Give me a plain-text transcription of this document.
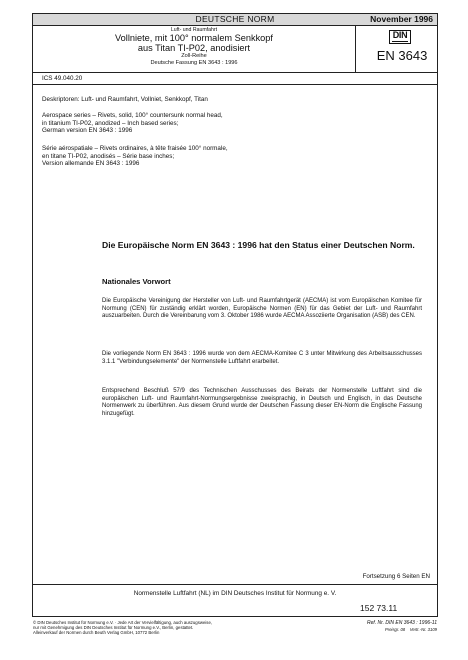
DEUTSCHE NORM	November 1996
Luft- und Raumfahrt
Vollniete, mit 100° normalem Senkkopf
aus Titan TI-P02, anodisiert
Zoll-Reihe
Deutsche Fassung EN 3643 : 1996
DIN
EN 3643
ICS 49.040.20
Deskriptoren: Luft- und Raumfahrt, Vollniet, Senkkopf, Titan
Aerospace series – Rivets, solid, 100° countersunk normal head,
in titanium TI-P02, anodized – Inch based series;
German version EN 3643 : 1996
Série aérospatiale – Rivets ordinaires, à tête fraisée 100° normale,
en titane TI-P02, anodisés – Série base inches;
Version allemande EN 3643 : 1996
Die Europäische Norm EN 3643 : 1996 hat den Status einer Deutschen Norm.
Nationales Vorwort
Die Europäische Vereinigung der Hersteller von Luft- und Raumfahrtgerät (AECMA) ist vom Europäischen Komitee für Normung (CEN) für zuständig erklärt worden, Europäische Normen (EN) für das Gebiet der Luft- und Raumfahrt auszuarbeiten. Durch die Vereinbarung vom 3. Oktober 1986 wurde AECMA Assoziierte Organisation (ASB) des CEN.
Die vorliegende Norm EN 3643 : 1996 wurde von dem AECMA-Komitee C 3 unter Mitwirkung des Arbeitsausschusses 3.1.1 "Verbindungselemente" der Normenstelle Luftfahrt erarbeitet.
Entsprechend Beschluß 57/9 des Technischen Ausschusses des Beirats der Normenstelle Luftfahrt sind die europäischen Luft- und Raumfahrt-Normungsergebnisse zweisprachig, in Deutsch und Englisch, in das Deutsche Normenwerk zu überführen. Aus diesem Grund wurde der Deutschen Fassung dieser EN-Norm die Englische Fassung hinzugefügt.
Fortsetzung 6 Seiten EN
Normenstelle Luftfahrt (NL) im DIN Deutsches Institut für Normung e. V.
152 73.11
© DIN Deutsches Institut für Normung e.V. · Jede Art der Vervielfältigung, auch auszugsweise,
nur mit Genehmigung des DIN Deutsches Institut für Normung e.V., Berlin, gestattet.
Alleinverkauf der Normen durch Beuth Verlag GmbH, 10772 Berlin
Ref. Nr. DIN EN 3643 : 1996-11
Preisgr. 08 Vertr.-Nr. 3109
